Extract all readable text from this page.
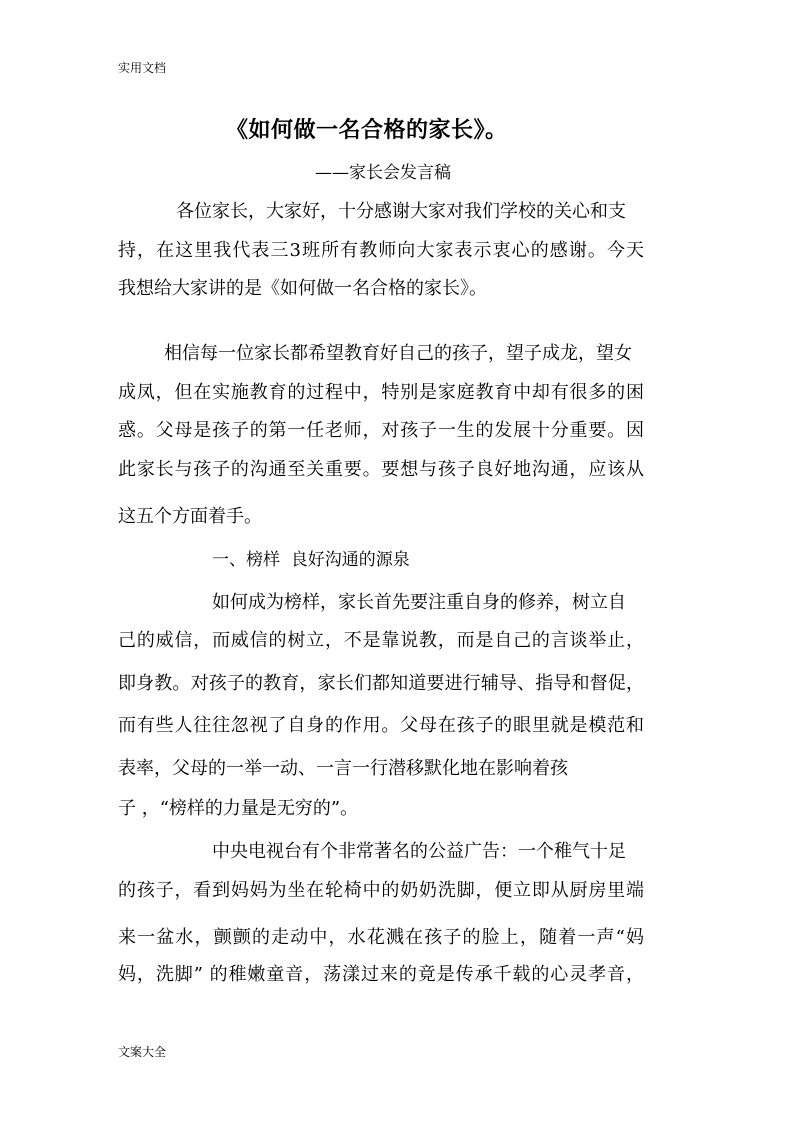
实用文档
《如何做一名合格的家长》。
——家长会发言稿
各位家长，大家好，十分感谢大家对我们学校的关心和支
持，在这里我代表三3班所有教师向大家表示衷心的感谢。今天
我想给大家讲的是《如何做一名合格的家长》。
相信每一位家长都希望教育好自己的孩子，望子成龙，望女
成凤，但在实施教育的过程中，特别是家庭教育中却有很多的困
惑。父母是孩子的第一任老师，对孩子一生的发展十分重要。因
此家长与孩子的沟通至关重要。要想与孩子良好地沟通，应该从
这五个方面着手。
一、榜样  良好沟通的源泉
如何成为榜样，家长首先要注重自身的修养，树立自
己的威信，而威信的树立，不是靠说教，而是自己的言谈举止，
即身教。对孩子的教育，家长们都知道要进行辅导、指导和督促，
而有些人往往忽视了自身的作用。父母在孩子的眼里就是模范和
表率，父母的一举一动、一言一行潜移默化地在影响着孩
子 ，“榜样的力量是无穷的”。
中央电视台有个非常著名的公益广告：一个稚气十足
的孩子，看到妈妈为坐在轮椅中的奶奶洗脚，便立即从厨房里端
来一盆水，颤颤的走动中，水花溅在孩子的脸上，随着一声“妈
妈，洗脚” 的稚嫩童音，荡漾过来的竟是传承千载的心灵孝音，
文案大全
